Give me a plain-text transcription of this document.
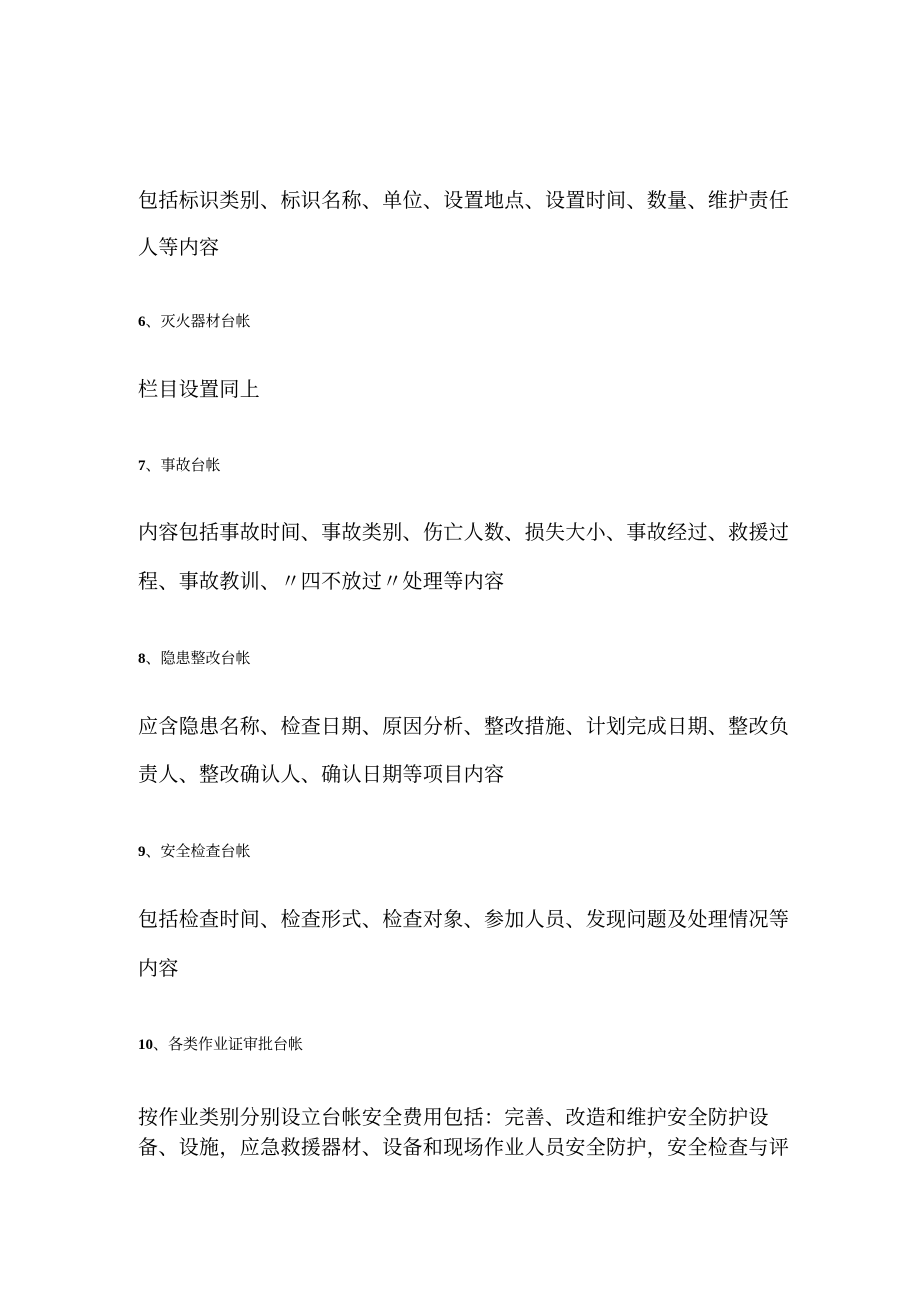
包括标识类别、标识名称、单位、设置地点、设置时间、数量、维护责任
人等内容
6、灭火器材台帐
栏目设置同上
7、事故台帐
内容包括事故时间、事故类别、伤亡人数、损失大小、事故经过、救援过
程、事故教训、〃四不放过〃处理等内容
8、隐患整改台帐
应含隐患名称、检查日期、原因分析、整改措施、计划完成日期、整改负
责人、整改确认人、确认日期等项目内容
9、安全检查台帐
包括检查时间、检查形式、检查对象、参加人员、发现问题及处理情况等
内容
10、各类作业证审批台帐
按作业类别分别设立台帐安全费用包括：完善、改造和维护安全防护设
备、设施，应急救援器材、设备和现场作业人员安全防护，安全检查与评
